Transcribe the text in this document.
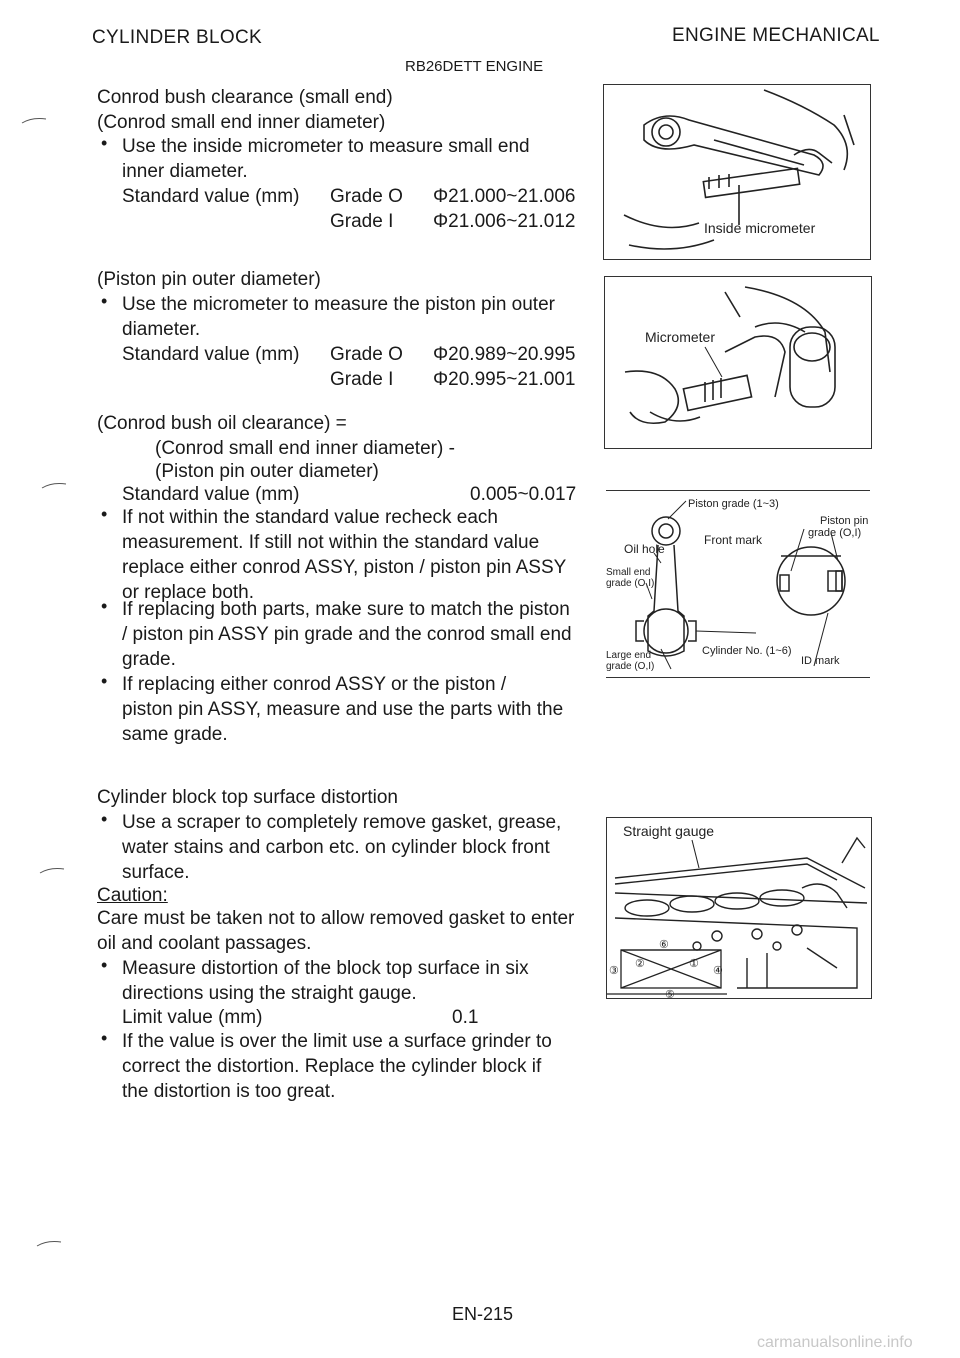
CYLINDER BLOCK	ENGINE MECHANICAL
RB26DETT ENGINE
Conrod bush clearance (small end)
(Conrod small end inner diameter)
• Use the inside micrometer to measure small end
inner diameter.
Standard value (mm) Grade O Φ21.000~21.006
Grade I Φ21.006~21.012
(Piston pin outer diameter)
• Use the micrometer to measure the piston pin outer
diameter.
Standard value (mm) Grade O Φ20.989~20.995
Grade I Φ20.995~21.001
(Conrod bush oil clearance) =
(Conrod small end inner diameter) -
(Piston pin outer diameter)
Standard value (mm)	0.005~0.017
• If not within the standard value recheck each
measurement. If still not within the standard value
replace either conrod ASSY, piston / piston pin ASSY
or replace both.
• If replacing both parts, make sure to match the piston
/ piston pin ASSY pin grade and the conrod small end
grade.
• If replacing either conrod ASSY or the piston /
piston pin ASSY, measure and use the parts with the
same grade.
Cylinder block top surface distortion
• Use a scraper to completely remove gasket, grease,
water stains and carbon etc. on cylinder block front
surface.
Caution:
Care must be taken not to allow removed gasket to enter
oil and coolant passages.
• Measure distortion of the block top surface in six
directions using the straight gauge.
Limit value (mm)	0.1
• If the value is over the limit use a surface grinder to
correct the distortion. Replace the cylinder block if
the distortion is too great.
Inside micrometer
Micrometer
Piston grade (1~3)
Piston pin
grade (O,I)
Oil hole
Front mark
Small end
grade (O,I)
Large end
grade (O,I)
Cylinder No. (1~6)
ID mark
Straight gauge
⑥
②	①
③	④
⑤
EN-215
carmanualsonline.info
